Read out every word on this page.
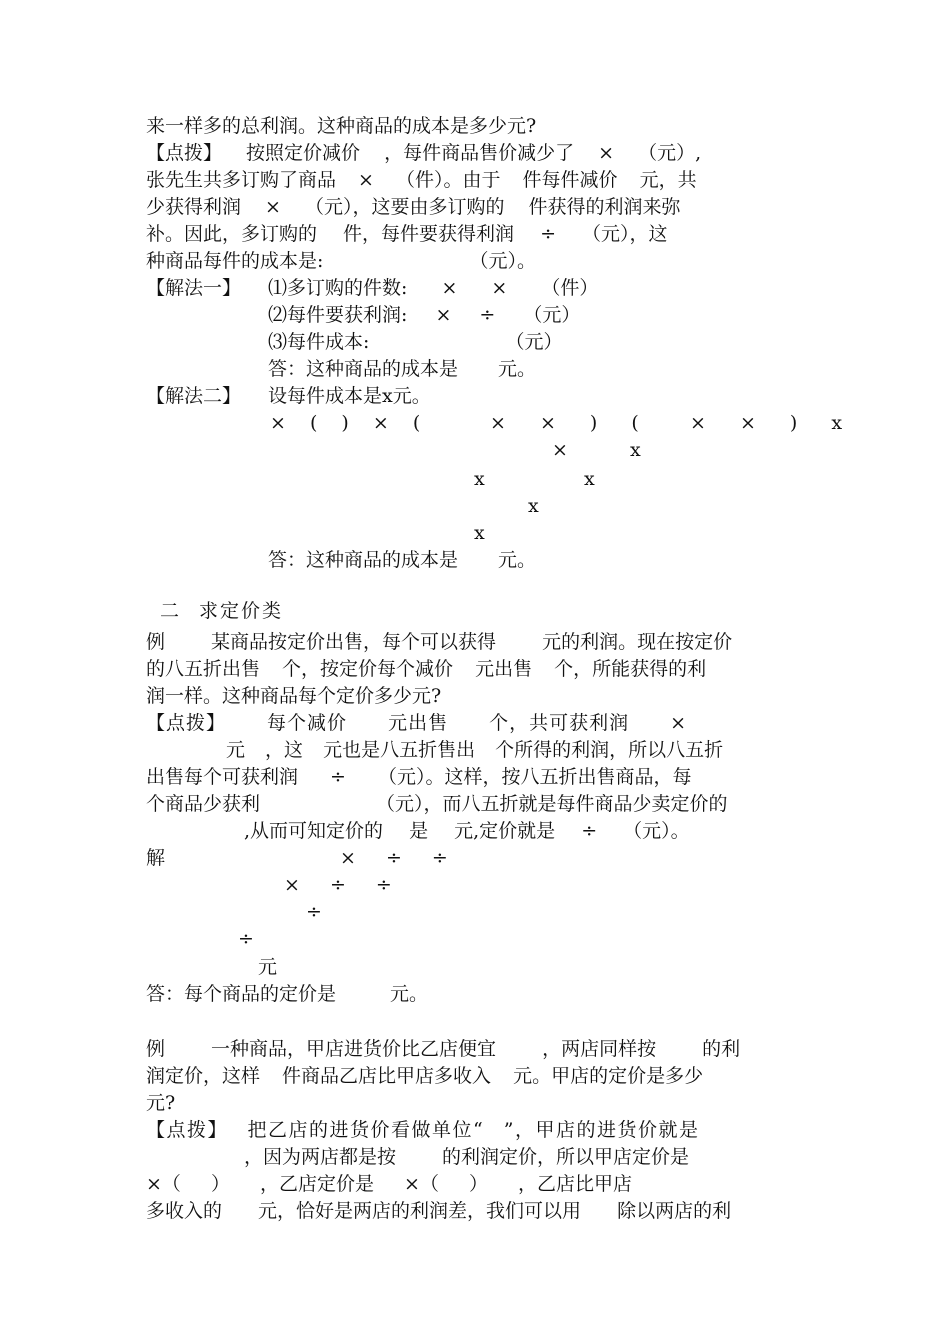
来一样多的总利润。这种商品的成本是多少元?
【点拨】 按照定价减价 ，每件商品售价减少了 × （元）,
张先生共多订购了商品 × （件）。由于 件每件减价 元，共
少获得利润 × （元），这要由多订购的 件获得的利润来弥
补。因此，多订购的 件，每件要获得利润 ÷ （元），这
种商品每件的成本是: （元）。
【解法一】 ⑴多订购的件数: × × （件）
⑵每件要获利润: × ÷ （元）
⑶每件成本: （元）
答：这种商品的成本是 元。
【解法二】 设每件成本是x元。
× ( ) × (	× × ) (	× × ) x
×	x
x	x
x
x
答：这种商品的成本是 元。
二 求定价类
例 某商品按定价出售，每个可以获得 元的利润。现在按定价
的八五折出售 个，按定价每个减价 元出售 个，所能获得的利
润一样。这种商品每个定价多少元?
【点拨】 每个减价 元出售 个，共可获利润 ×
元 ，这 元也是八五折售出 个所得的利润，所以八五折
出售每个可获利润 ÷ （元）。这样，按八五折出售商品，每
个商品少获利 （元），而八五折就是每件商品少卖定价的
,从而可知定价的 是 元,定价就是 ÷ （元）。
解	× ÷ ÷
× ÷ ÷
÷
÷
元
答：每个商品的定价是 元。
例 一种商品，甲店进货价比乙店便宜 ，两店同样按 的利
润定价，这样 件商品乙店比甲店多收入 元。甲店的定价是多少
元?
【点拨】 把乙店的进货价看做单位“ ”，甲店的进货价就是
，因为两店都是按 的利润定价，所以甲店定价是
×（ ） ，乙店定价是 ×（ ） ，乙店比甲店
多收入的 元，恰好是两店的利润差，我们可以用 除以两店的利
